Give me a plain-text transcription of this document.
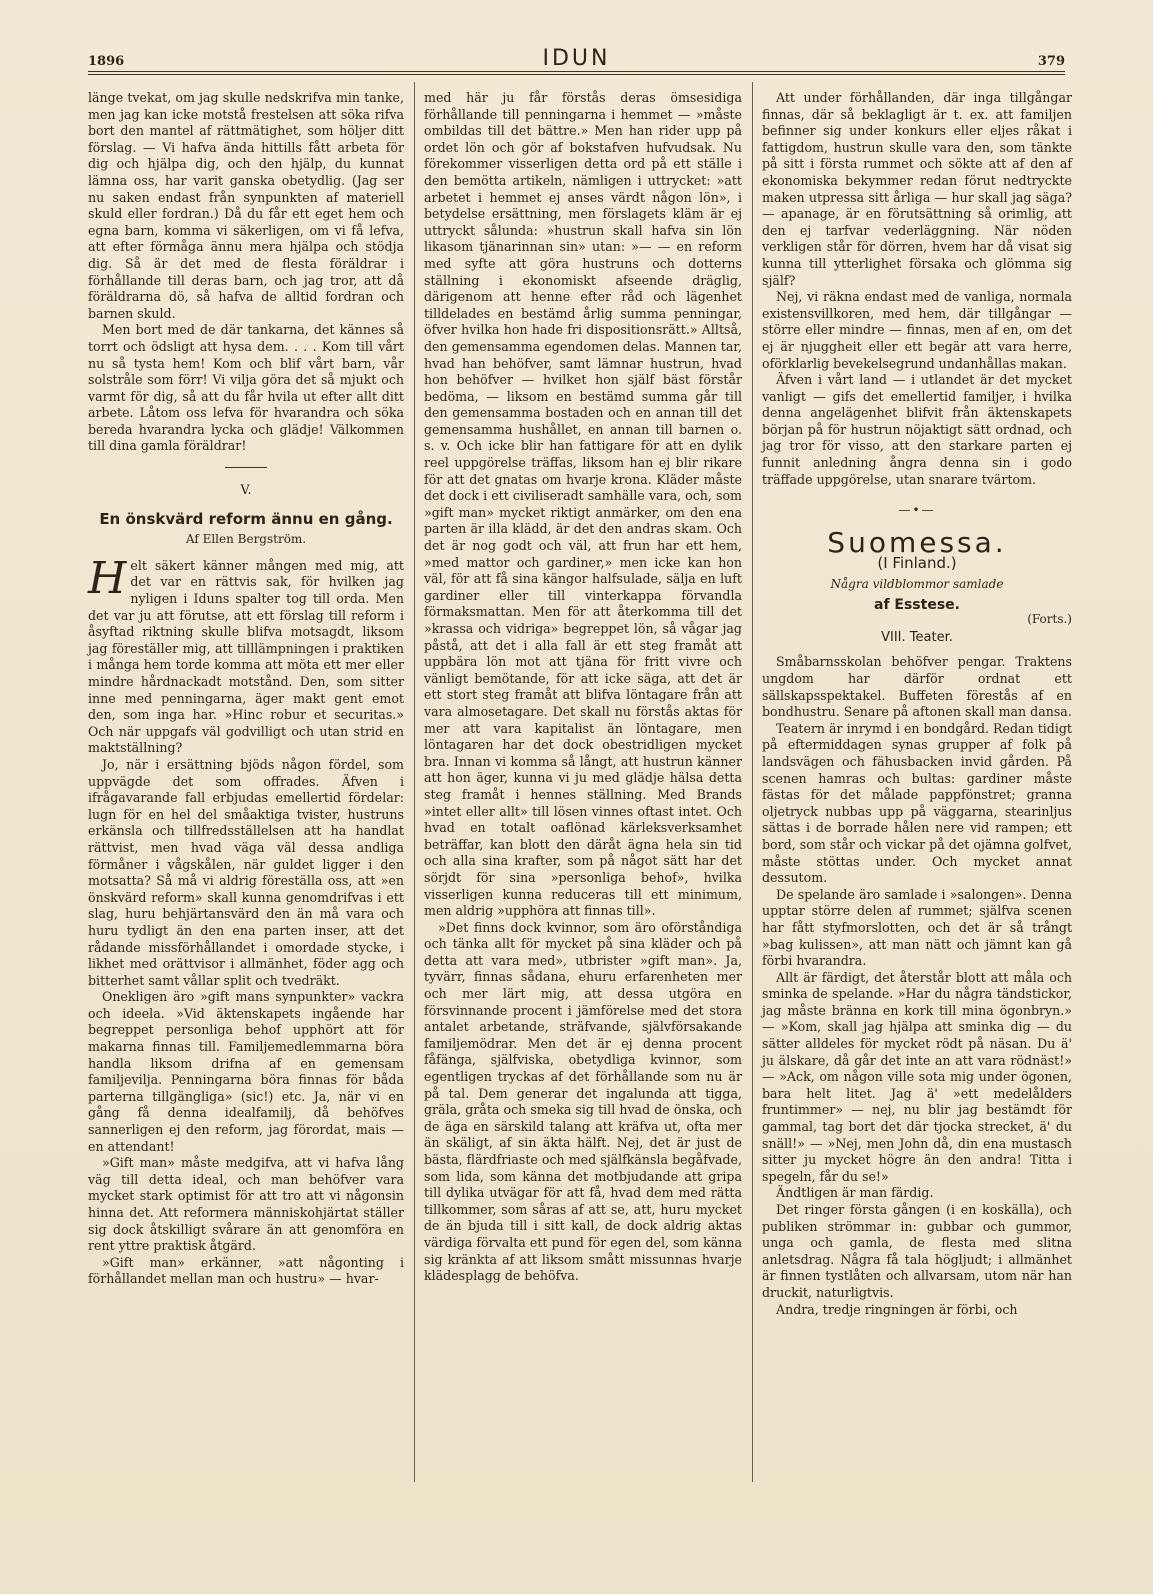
1896	IDUN	379

länge tvekat, om jag skulle nedskrifva min tanke, men jag kan icke motstå frestelsen att söka rifva bort den mantel af rättmätighet, som höljer ditt förslag. — Vi hafva ända hittills fått arbeta för dig och hjälpa dig, och den hjälp, du kunnat lämna oss, har varit ganska obetydlig. (Jag ser nu saken endast från synpunkten af materiell skuld eller fordran.) Då du får ett eget hem och egna barn, komma vi säkerligen, om vi få lefva, att efter förmåga ännu mera hjälpa och stödja dig. Så är det med de flesta föräldrar i förhållande till deras barn, och jag tror, att då föräldrarna dö, så hafva de alltid fordran och barnen skuld.

Men bort med de där tankarna, det kännes så torrt och ödsligt att hysa dem. . . . Kom till vårt nu så tysta hem! Kom och blif vårt barn, vår solstråle som förr! Vi vilja göra det så mjukt och varmt för dig, så att du får hvila ut efter allt ditt arbete. Låtom oss lefva för hvarandra och söka bereda hvarandra lycka och glädje! Välkommen till dina gamla föräldrar!

V.
En önskvärd reform ännu en gång.
Af Ellen Bergström.

Helt säkert känner mången med mig, att det var en rättvis sak, för hvilken jag nyligen i Iduns spalter tog till orda. Men det var ju att förutse, att ett förslag till reform i åsyftad riktning skulle blifva motsagdt, liksom jag föreställer mig, att tilllämpningen i praktiken i många hem torde komma att möta ett mer eller mindre hårdnackadt motstånd. Den, som sitter inne med penningarna, äger makt gent emot den, som inga har. »Hinc robur et securitas.» Och när uppgafs väl godvilligt och utan strid en maktställning?

Jo, när i ersättning bjöds någon fördel, som uppvägde det som offrades. Äfven i ifrågavarande fall erbjudas emellertid fördelar: lugn för en hel del småaktiga tvister, hustruns erkänsla och tillfredsställelsen att ha handlat rättvist, men hvad väga väl dessa andliga förmåner i vågskålen, när guldet ligger i den motsatta? Så må vi aldrig föreställa oss, att »en önskvärd reform» skall kunna genomdrifvas i ett slag, huru behjärtansvärd den än må vara och huru tydligt än den ena parten inser, att det rådande missförhållandet i omordade stycke, i likhet med orättvisor i allmänhet, föder agg och bitterhet samt vållar split och tvedräkt.

Onekligen äro »gift mans synpunkter» vackra och ideela. »Vid äktenskapets ingående har begreppet personliga behof upphört att för makarna finnas till. Familjemedlemmarna böra handla liksom drifna af en gemensam familjevilja. Penningarna böra finnas för båda parterna tillgängliga» (sic!) etc. Ja, när vi en gång få denna idealfamilj, då behöfves sannerligen ej den reform, jag förordat, mais — en attendant!

»Gift man» måste medgifva, att vi hafva lång väg till detta ideal, och man behöfver vara mycket stark optimist för att tro att vi någonsin hinna det. Att reformera människohjärtat ställer sig dock åtskilligt svårare än att genomföra en rent yttre praktisk åtgärd.

»Gift man» erkänner, »att någonting i förhållandet mellan man och hustru» — hvar-

med här ju får förstås deras ömsesidiga förhållande till penningarna i hemmet — »måste ombildas till det bättre.» Men han rider upp på ordet lön och gör af bokstafven hufvudsak. Nu förekommer visserligen detta ord på ett ställe i den bemötta artikeln, nämligen i uttrycket: »att arbetet i hemmet ej anses värdt någon lön», i betydelse ersättning, men förslagets kläm är ej uttryckt sålunda: »hustrun skall hafva sin lön likasom tjänarinnan sin» utan: »— — en reform med syfte att göra hustruns och dotterns ställning i ekonomiskt afseende dräglig, därigenom att henne efter råd och lägenhet tilldelades en bestämd årlig summa penningar, öfver hvilka hon hade fri dispositionsrätt.» Alltså, den gemensamma egendomen delas. Mannen tar, hvad han behöfver, samt lämnar hustrun, hvad hon behöfver — hvilket hon själf bäst förstår bedöma, — liksom en bestämd summa går till den gemensamma bostaden och en annan till det gemensamma hushållet, en annan till barnen o. s. v. Och icke blir han fattigare för att en dylik reel uppgörelse träffas, liksom han ej blir rikare för att det gnatas om hvarje krona. Kläder måste det dock i ett civiliseradt samhälle vara, och, som »gift man» mycket riktigt anmärker, om den ena parten är illa klädd, är det den andras skam. Och det är nog godt och väl, att frun har ett hem, »med mattor och gardiner,» men icke kan hon väl, för att få sina kängor halfsulade, sälja en luft gardiner eller till vinterkappa förvandla förmaksmattan. Men för att återkomma till det »krassa och vidriga» begreppet lön, så vågar jag påstå, att det i alla fall är ett steg framåt att uppbära lön mot att tjäna för fritt vivre och vänligt bemötande, för att icke säga, att det är ett stort steg framåt att blifva löntagare från att vara almosetagare. Det skall nu förstås aktas för mer att vara kapitalist än löntagare, men löntagaren har det dock obestridligen mycket bra. Innan vi komma så långt, att hustrun känner att hon äger, kunna vi ju med glädje hälsa detta steg framåt i hennes ställning. Med Brands »intet eller allt» till lösen vinnes oftast intet. Och hvad en totalt oaflönad kärleksverksamhet beträffar, kan blott den däråt ägna hela sin tid och alla sina krafter, som på något sätt har det sörjdt för sina »personliga behof», hvilka visserligen kunna reduceras till ett minimum, men aldrig »upphöra att finnas till».

»Det finns dock kvinnor, som äro oförståndiga och tänka allt för mycket på sina kläder och på detta att vara med», utbrister »gift man». Ja, tyvärr, finnas sådana, ehuru erfarenheten mer och mer lärt mig, att dessa utgöra en försvinnande procent i jämförelse med det stora antalet arbetande, sträfvande, självförsakande familjemödrar. Men det är ej denna procent fåfänga, själfviska, obetydliga kvinnor, som egentligen tryckas af det förhållande som nu är på tal. Dem generar det ingalunda att tigga, gräla, gråta och smeka sig till hvad de önska, och de äga en särskild talang att kräfva ut, ofta mer än skäligt, af sin äkta hälft. Nej, det är just de bästa, flärdfriaste och med själfkänsla begåfvade, som lida, som känna det motbjudande att gripa till dylika utvägar för att få, hvad dem med rätta tillkommer, som såras af att se, att, huru mycket de än bjuda till i sitt kall, de dock aldrig aktas värdiga förvalta ett pund för egen del, som känna sig kränkta af att liksom smått missunnas hvarje klädesplagg de behöfva.

Att under förhållanden, där inga tillgångar finnas, där så beklagligt är t. ex. att familjen befinner sig under konkurs eller eljes råkat i fattigdom, hustrun skulle vara den, som tänkte på sitt i första rummet och sökte att af den af ekonomiska bekymmer redan förut nedtryckte maken utpressa sitt årliga — hur skall jag säga? — apanage, är en förutsättning så orimlig, att den ej tarfvar vederläggning. När nöden verkligen står för dörren, hvem har då visat sig kunna till ytterlighet försaka och glömma sig själf?

Nej, vi räkna endast med de vanliga, normala existensvillkoren, med hem, där tillgångar — större eller mindre — finnas, men af en, om det ej är njuggheit eller ett begär att vara herre, oförklarlig bevekelsegrund undanhållas makan.

Äfven i vårt land — i utlandet är det mycket vanligt — gifs det emellertid familjer, i hvilka denna angelägenhet blifvit från äktenskapets början på för hustrun nöjaktigt sätt ordnad, och jag tror för visso, att den starkare parten ej funnit anledning ångra denna sin i godo träffade uppgörelse, utan snarare tvärtom.

—•—
Suomessa.
(I Finland.)
Några vildblommor samlade
af Esstese.
(Forts.)
VIII. Teater.

Småbarnsskolan behöfver pengar. Traktens ungdom har därför ordnat ett sällskapsspektakel. Buffeten förestås af en bondhustru. Senare på aftonen skall man dansa.

Teatern är inrymd i en bondgård. Redan tidigt på eftermiddagen synas grupper af folk på landsvägen och fähusbacken invid gården. På scenen hamras och bultas: gardiner måste fästas för det målade pappfönstret; granna oljetryck nubbas upp på väggarna, stearinljus sättas i de borrade hålen nere vid rampen; ett bord, som står och vickar på det ojämna golfvet, måste stöttas under. Och mycket annat dessutom.

De spelande äro samlade i »salongen». Denna upptar större delen af rummet; själfva scenen har fått styfmorslotten, och det är så trångt »bag kulissen», att man nätt och jämnt kan gå förbi hvarandra.

Allt är färdigt, det återstår blott att måla och sminka de spelande. »Har du några tändstickor, jag måste bränna en kork till mina ögonbryn.» — »Kom, skall jag hjälpa att sminka dig — du sätter alldeles för mycket rödt på näsan. Du ä' ju älskare, då går det inte an att vara rödnäst!» — »Ack, om någon ville sota mig under ögonen, bara helt litet. Jag ä' »ett medelålders fruntimmer» — nej, nu blir jag bestämdt för gammal, tag bort det där tjocka strecket, ä' du snäll!» — »Nej, men John då, din ena mustasch sitter ju mycket högre än den andra! Titta i spegeln, får du se!»

Ändtligen är man färdig.

Det ringer första gången (i en koskälla), och publiken strömmar in: gubbar och gummor, unga och gamla, de flesta med slitna anletsdrag. Några få tala högljudt; i allmänhet är finnen tystlåten och allvarsam, utom när han druckit, naturligtvis.

Andra, tredje ringningen är förbi, och
